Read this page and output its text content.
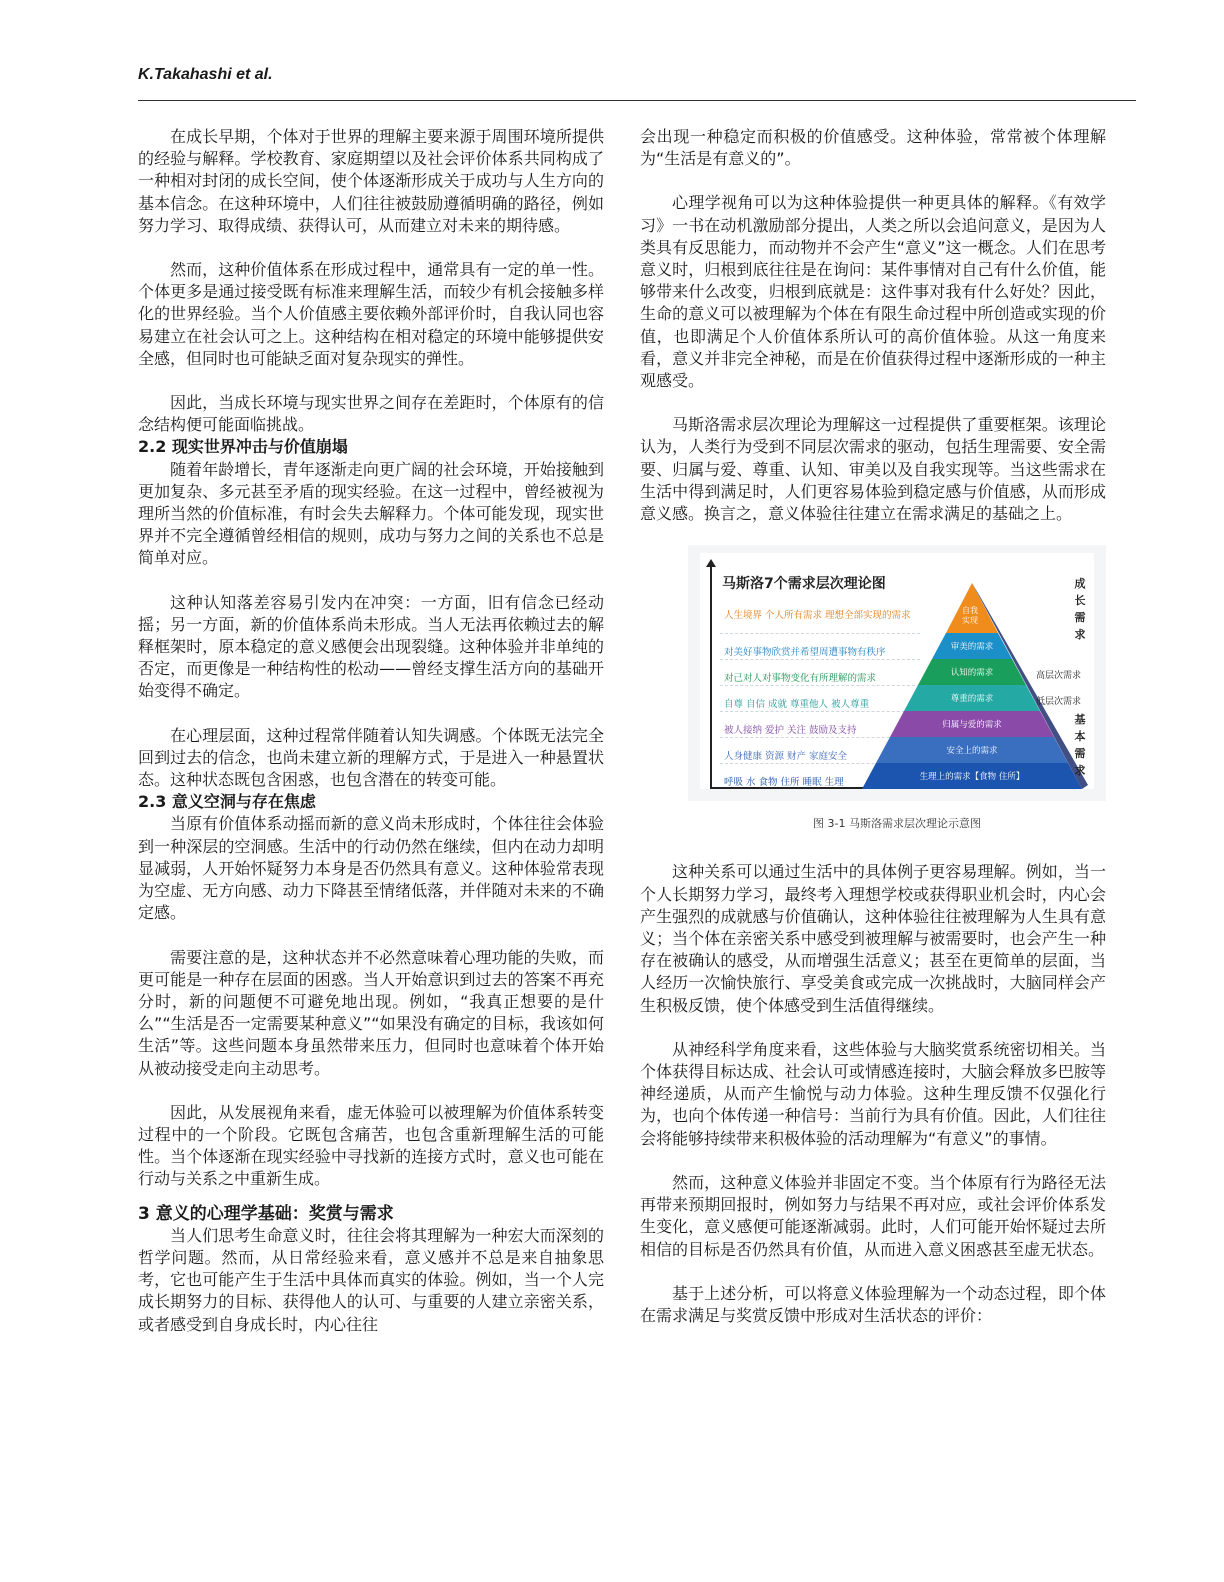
K.Takahashi et al.

在成长早期，个体对于世界的理解主要来源于周围环境所提供的经验与解释。学校教育、家庭期望以及社会评价体系共同构成了一种相对封闭的成长空间，使个体逐渐形成关于成功与人生方向的基本信念。在这种环境中，人们往往被鼓励遵循明确的路径，例如努力学习、取得成绩、获得认可，从而建立对未来的期待感。

然而，这种价值体系在形成过程中，通常具有一定的单一性。个体更多是通过接受既有标准来理解生活，而较少有机会接触多样化的世界经验。当个人价值感主要依赖外部评价时，自我认同也容易建立在社会认可之上。这种结构在相对稳定的环境中能够提供安全感，但同时也可能缺乏面对复杂现实的弹性。

因此，当成长环境与现实世界之间存在差距时，个体原有的信念结构便可能面临挑战。

2.2 现实世界冲击与价值崩塌

随着年龄增长，青年逐渐走向更广阔的社会环境，开始接触到更加复杂、多元甚至矛盾的现实经验。在这一过程中，曾经被视为理所当然的价值标准，有时会失去解释力。个体可能发现，现实世界并不完全遵循曾经相信的规则，成功与努力之间的关系也不总是简单对应。

这种认知落差容易引发内在冲突：一方面，旧有信念已经动摇；另一方面，新的价值体系尚未形成。当人无法再依赖过去的解释框架时，原本稳定的意义感便会出现裂缝。这种体验并非单纯的否定，而更像是一种结构性的松动——曾经支撑生活方向的基础开始变得不确定。

在心理层面，这种过程常伴随着认知失调感。个体既无法完全回到过去的信念，也尚未建立新的理解方式，于是进入一种悬置状态。这种状态既包含困惑，也包含潜在的转变可能。

2.3 意义空洞与存在焦虑

当原有价值体系动摇而新的意义尚未形成时，个体往往会体验到一种深层的空洞感。生活中的行动仍然在继续，但内在动力却明显减弱，人开始怀疑努力本身是否仍然具有意义。这种体验常表现为空虚、无方向感、动力下降甚至情绪低落，并伴随对未来的不确定感。

需要注意的是，这种状态并不必然意味着心理功能的失败，而更可能是一种存在层面的困惑。当人开始意识到过去的答案不再充分时，新的问题便不可避免地出现。例如，“我真正想要的是什么”“生活是否一定需要某种意义”“如果没有确定的目标，我该如何生活”等。这些问题本身虽然带来压力，但同时也意味着个体开始从被动接受走向主动思考。

因此，从发展视角来看，虚无体验可以被理解为价值体系转变过程中的一个阶段。它既包含痛苦，也包含重新理解生活的可能性。当个体逐渐在现实经验中寻找新的连接方式时，意义也可能在行动与关系之中重新生成。

3 意义的心理学基础：奖赏与需求

当人们思考生命意义时，往往会将其理解为一种宏大而深刻的哲学问题。然而，从日常经验来看，意义感并不总是来自抽象思考，它也可能产生于生活中具体而真实的体验。例如，当一个人完成长期努力的目标、获得他人的认可、与重要的人建立亲密关系，或者感受到自身成长时，内心往往

会出现一种稳定而积极的价值感受。这种体验，常常被个体理解为“生活是有意义的”。

心理学视角可以为这种体验提供一种更具体的解释。《有效学习》一书在动机激励部分提出，人类之所以会追问意义，是因为人类具有反思能力，而动物并不会产生“意义”这一概念。人们在思考意义时，归根到底往往是在询问：某件事情对自己有什么价值，能够带来什么改变，归根到底就是：这件事对我有什么好处？因此，生命的意义可以被理解为个体在有限生命过程中所创造或实现的价值，也即满足个人价值体系所认可的高价值体验。从这一角度来看，意义并非完全神秘，而是在价值获得过程中逐渐形成的一种主观感受。

马斯洛需求层次理论为理解这一过程提供了重要框架。该理论认为，人类行为受到不同层次需求的驱动，包括生理需要、安全需要、归属与爱、尊重、认知、审美以及自我实现等。当这些需求在生活中得到满足时，人们更容易体验到稳定感与价值感，从而形成意义感。换言之，意义体验往往建立在需求满足的基础之上。

马斯洛7个需求层次理论图
人生境界 个人所有需求 理想全部实现的需求
对美好事物欣赏并希望周遭事物有秩序
对己对人对事物变化有所理解的需求
自尊 自信 成就 尊重他人 被人尊重
被人接纳 爱护 关注 鼓励及支持
人身健康 资源 财产 家庭安全
呼吸 水 食物 住所 睡眠 生理
自我
实现
审美的需求
认知的需求
尊重的需求
归属与爱的需求
安全上的需求
生理上的需求【食物 住所】
高层次需求
低层次需求
成
长
需
求
基
本
需
求
图 3-1 马斯洛需求层次理论示意图

这种关系可以通过生活中的具体例子更容易理解。例如，当一个人长期努力学习，最终考入理想学校或获得职业机会时，内心会产生强烈的成就感与价值确认，这种体验往往被理解为人生具有意义；当个体在亲密关系中感受到被理解与被需要时，也会产生一种存在被确认的感受，从而增强生活意义；甚至在更简单的层面，当人经历一次愉快旅行、享受美食或完成一次挑战时，大脑同样会产生积极反馈，使个体感受到生活值得继续。

从神经科学角度来看，这些体验与大脑奖赏系统密切相关。当个体获得目标达成、社会认可或情感连接时，大脑会释放多巴胺等神经递质，从而产生愉悦与动力体验。这种生理反馈不仅强化行为，也向个体传递一种信号：当前行为具有价值。因此，人们往往会将能够持续带来积极体验的活动理解为“有意义”的事情。

然而，这种意义体验并非固定不变。当个体原有行为路径无法再带来预期回报时，例如努力与结果不再对应，或社会评价体系发生变化，意义感便可能逐渐减弱。此时，人们可能开始怀疑过去所相信的目标是否仍然具有价值，从而进入意义困惑甚至虚无状态。

基于上述分析，可以将意义体验理解为一个动态过程，即个体在需求满足与奖赏反馈中形成对生活状态的评价：
